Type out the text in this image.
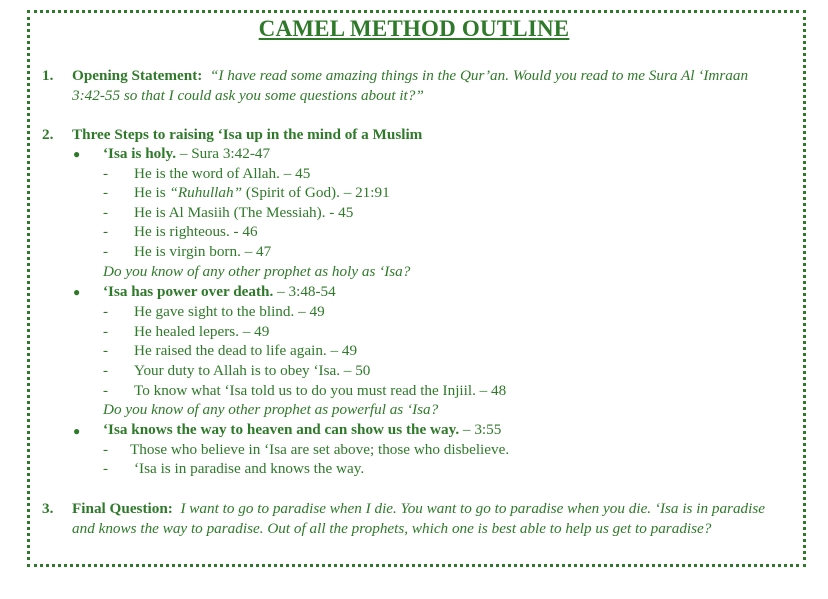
CAMEL METHOD OUTLINE
1. Opening Statement: “I have read some amazing things in the Qur’an. Would you read to me Sura Al ‘Imraan 3:42-55 so that I could ask you some questions about it?”
2. Three Steps to raising ‘Isa up in the mind of a Muslim
● ‘Isa is holy. – Sura 3:42-47
- He is the word of Allah. – 45
- He is “Ruhullah” (Spirit of God). – 21:91
- He is Al Masiih (The Messiah). - 45
- He is righteous. - 46
- He is virgin born. – 47
Do you know of any other prophet as holy as ‘Isa?
● ‘Isa has power over death. – 3:48-54
- He gave sight to the blind. – 49
- He healed lepers. – 49
- He raised the dead to life again. – 49
- Your duty to Allah is to obey ‘Isa. – 50
- To know what ‘Isa told us to do you must read the Injiil. – 48
Do you know of any other prophet as powerful as ‘Isa?
● ‘Isa knows the way to heaven and can show us the way. – 3:55
- Those who believe in ‘Isa are set above; those who disbelieve.
- ‘Isa is in paradise and knows the way.
3. Final Question: I want to go to paradise when I die. You want to go to paradise when you die. ‘Isa is in paradise and knows the way to paradise. Out of all the prophets, which one is best able to help us get to paradise?
